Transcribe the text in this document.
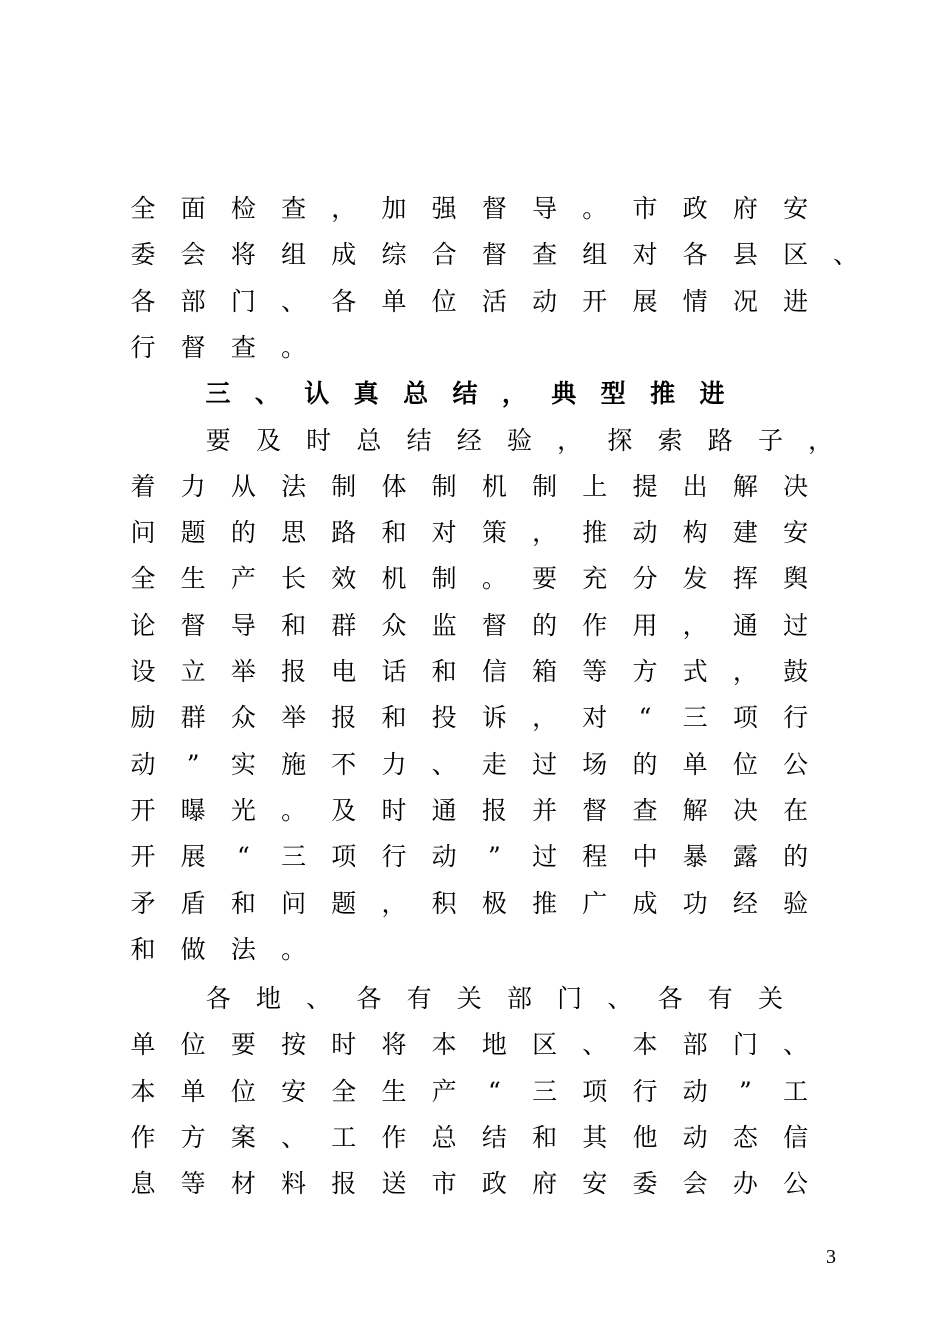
全	面	检	查	，	加	强	督	导	。	市	政	府	安
委	会	将	组	成	综	合	督	查	组	对	各	县	区	、
各	部	门	、	各	单	位	活	动	开	展	情	况	进
行	督	查	。
三 、 认 真 总 结 ， 典 型 推 进
要	及	时	总	结	经	验	，	探	索	路	子	，
着	力	从	法	制	体	制	机	制	上	提	出	解	决
问	题	的	思	路	和	对	策	，	推	动	构	建	安
全	生	产	长	效	机	制	。	要	充	分	发	挥	舆
论	督	导	和	群	众	监	督	的	作	用	，	通	过
设	立	举	报	电	话	和	信	箱	等	方	式	，	鼓
励	群	众	举	报	和	投	诉	，	对	“	三	项	行
动	”	实	施	不	力	、	走	过	场	的	单	位	公
开	曝	光	。	及	时	通	报	并	督	查	解	决	在
开	展	“	三	项	行	动	”	过	程	中	暴	露	的
矛	盾	和	问	题	，	积	极	推	广	成	功	经	验
和	做	法	。
各	地	、	各	有	关	部	门	、	各	有	关
单	位	要	按	时	将	本	地	区	、	本	部	门	、
本	单	位	安	全	生	产	“	三	项	行	动	”	工
作	方	案	、	工	作	总	结	和	其	他	动	态	信
息	等	材	料	报	送	市	政	府	安	委	会	办	公
3
